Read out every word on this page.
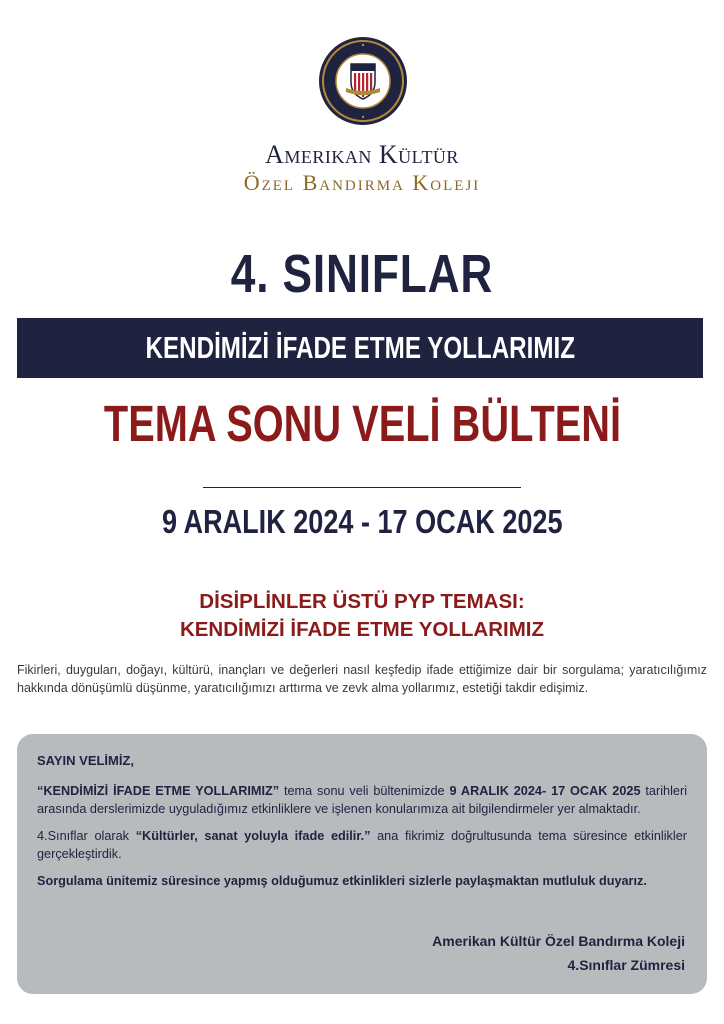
Amerikan Kültür
Özel Bandırma Koleji
4. SINIFLAR
KENDİMİZİ İFADE ETME YOLLARIMIZ
TEMA SONU VELİ BÜLTENİ
9 ARALIK 2024 - 17 OCAK 2025
DİSİPLİNLER ÜSTÜ PYP TEMASI:
KENDİMİZİ İFADE ETME YOLLARIMIZ
Fikirleri, duyguları, doğayı, kültürü, inançları ve değerleri nasıl keşfedip ifade ettiğimize dair bir sorgulama; yaratıcılığımız hakkında dönüşümlü düşünme, yaratıcılığımızı arttırma ve zevk alma yollarımız, estetiği takdir edişimiz.

SAYIN VELİMİZ,

“KENDİMİZİ İFADE ETME YOLLARIMIZ” tema sonu veli bültenimizde 9 ARALIK 2024- 17 OCAK 2025 tarihleri arasında derslerimizde uyguladığımız etkinliklere ve işlenen konularımıza ait bilgilendirmeler yer almaktadır.

4.Sınıflar olarak “Kültürler, sanat yoluyla ifade edilir.” ana fikrimiz doğrultusunda tema süresince etkinlikler gerçekleştirdik.

Sorgulama ünitemiz süresince yapmış olduğumuz etkinlikleri sizlerle paylaşmaktan mutluluk duyarız.

Amerikan Kültür Özel Bandırma Koleji
4.Sınıflar Zümresi
